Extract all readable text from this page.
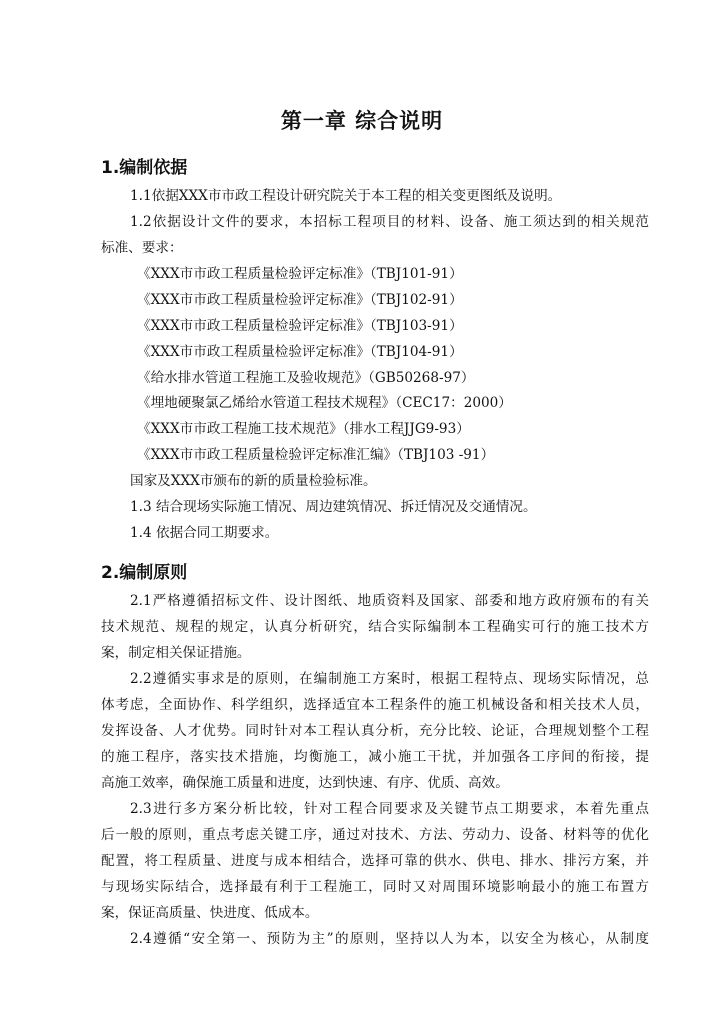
第一章 综合说明
1.编制依据
1.1依据XXX市市政工程设计研究院关于本工程的相关变更图纸及说明。
1.2依据设计文件的要求，本招标工程项目的材料、设备、施工须达到的相关规范
标准、要求：
《XXX市市政工程质量检验评定标准》（TBJ101-91）
《XXX市市政工程质量检验评定标准》（TBJ102-91）
《XXX市市政工程质量检验评定标准》（TBJ103-91）
《XXX市市政工程质量检验评定标准》（TBJ104-91）
《给水排水管道工程施工及验收规范》（GB50268-97）
《埋地硬聚氯乙烯给水管道工程技术规程》（CEC17：2000）
《XXX市市政工程施工技术规范》（排水工程JJG9-93）
《XXX市市政工程质量检验评定标准汇编》（TBJ103 -91）
国家及XXX市颁布的新的质量检验标准。
1.3 结合现场实际施工情况、周边建筑情况、拆迁情况及交通情况。
1.4 依据合同工期要求。
2.编制原则
2.1严格遵循招标文件、设计图纸、地质资料及国家、部委和地方政府颁布的有关
技术规范、规程的规定，认真分析研究，结合实际编制本工程确实可行的施工技术方
案，制定相关保证措施。
2.2遵循实事求是的原则，在编制施工方案时，根据工程特点、现场实际情况，总
体考虑，全面协作、科学组织，选择适宜本工程条件的施工机械设备和相关技术人员，
发挥设备、人才优势。同时针对本工程认真分析，充分比较、论证，合理规划整个工程
的施工程序，落实技术措施，均衡施工，减小施工干扰，并加强各工序间的衔接，提
高施工效率，确保施工质量和进度，达到快速、有序、优质、高效。
2.3进行多方案分析比较，针对工程合同要求及关键节点工期要求，本着先重点
后一般的原则，重点考虑关键工序，通过对技术、方法、劳动力、设备、材料等的优化
配置，将工程质量、进度与成本相结合，选择可靠的供水、供电、排水、排污方案，并
与现场实际结合，选择最有利于工程施工，同时又对周围环境影响最小的施工布置方
案，保证高质量、快进度、低成本。
2.4遵循“安全第一、预防为主”的原则，坚持以人为本，以安全为核心，从制度
